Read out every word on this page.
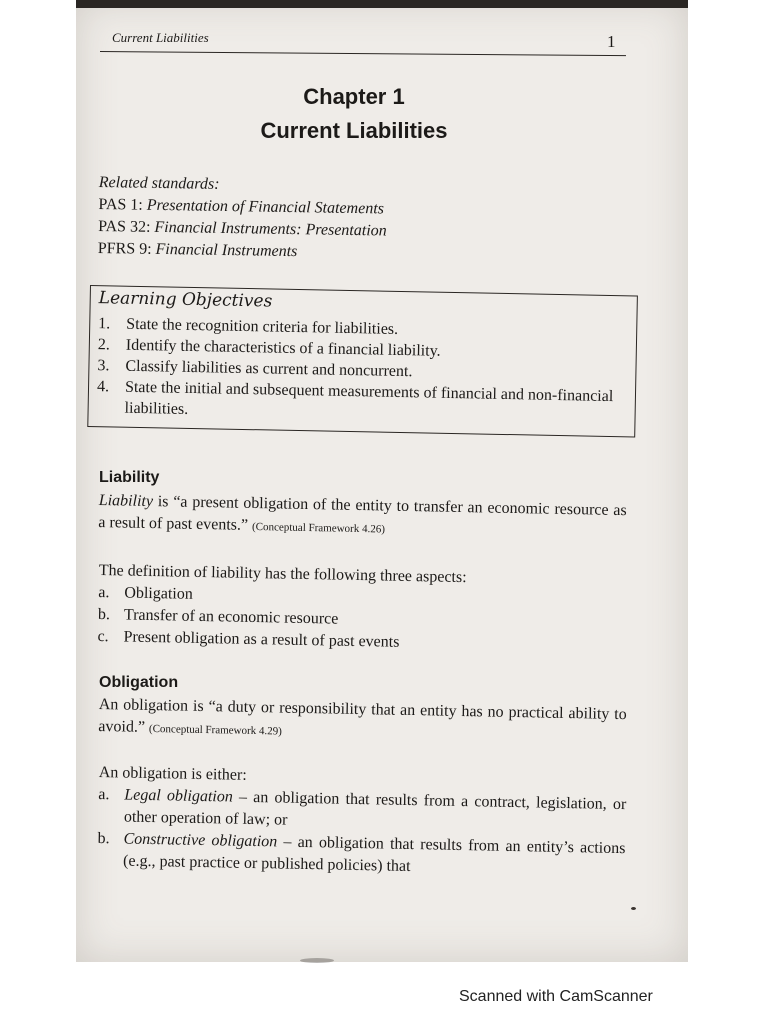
Current Liabilities	1
Chapter 1
Current Liabilities
Related standards:
PAS 1: Presentation of Financial Statements
PAS 32: Financial Instruments: Presentation
PFRS 9: Financial Instruments
Learning Objectives
1. State the recognition criteria for liabilities.
2. Identify the characteristics of a financial liability.
3. Classify liabilities as current and noncurrent.
4. State the initial and subsequent measurements of financial and non-financial liabilities.
Liability
Liability is “a present obligation of the entity to transfer an economic resource as a result of past events.” (Conceptual Framework 4.26)
The definition of liability has the following three aspects:
a. Obligation
b. Transfer of an economic resource
c. Present obligation as a result of past events
Obligation
An obligation is “a duty or responsibility that an entity has no practical ability to avoid.” (Conceptual Framework 4.29)
An obligation is either:
a. Legal obligation – an obligation that results from a contract, legislation, or other operation of law; or
b. Constructive obligation – an obligation that results from an entity’s actions (e.g., past practice or published policies) that
Scanned with CamScanner
